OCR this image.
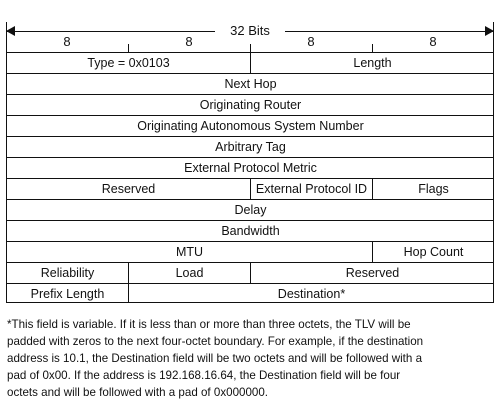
32 Bits
8	8	8	8
Type = 0x0103	Length
Next Hop
Originating Router
Originating Autonomous System Number
Arbitrary Tag
External Protocol Metric
Reserved	External Protocol ID	Flags
Delay
Bandwidth
MTU	Hop Count
Reliability	Load	Reserved
Prefix Length	Destination*

*This field is variable. If it is less than or more than three octets, the TLV will be
padded with zeros to the next four-octet boundary. For example, if the destination
address is 10.1, the Destination field will be two octets and will be followed with a
pad of 0x00. If the address is 192.168.16.64, the Destination field will be four
octets and will be followed with a pad of 0x000000.
